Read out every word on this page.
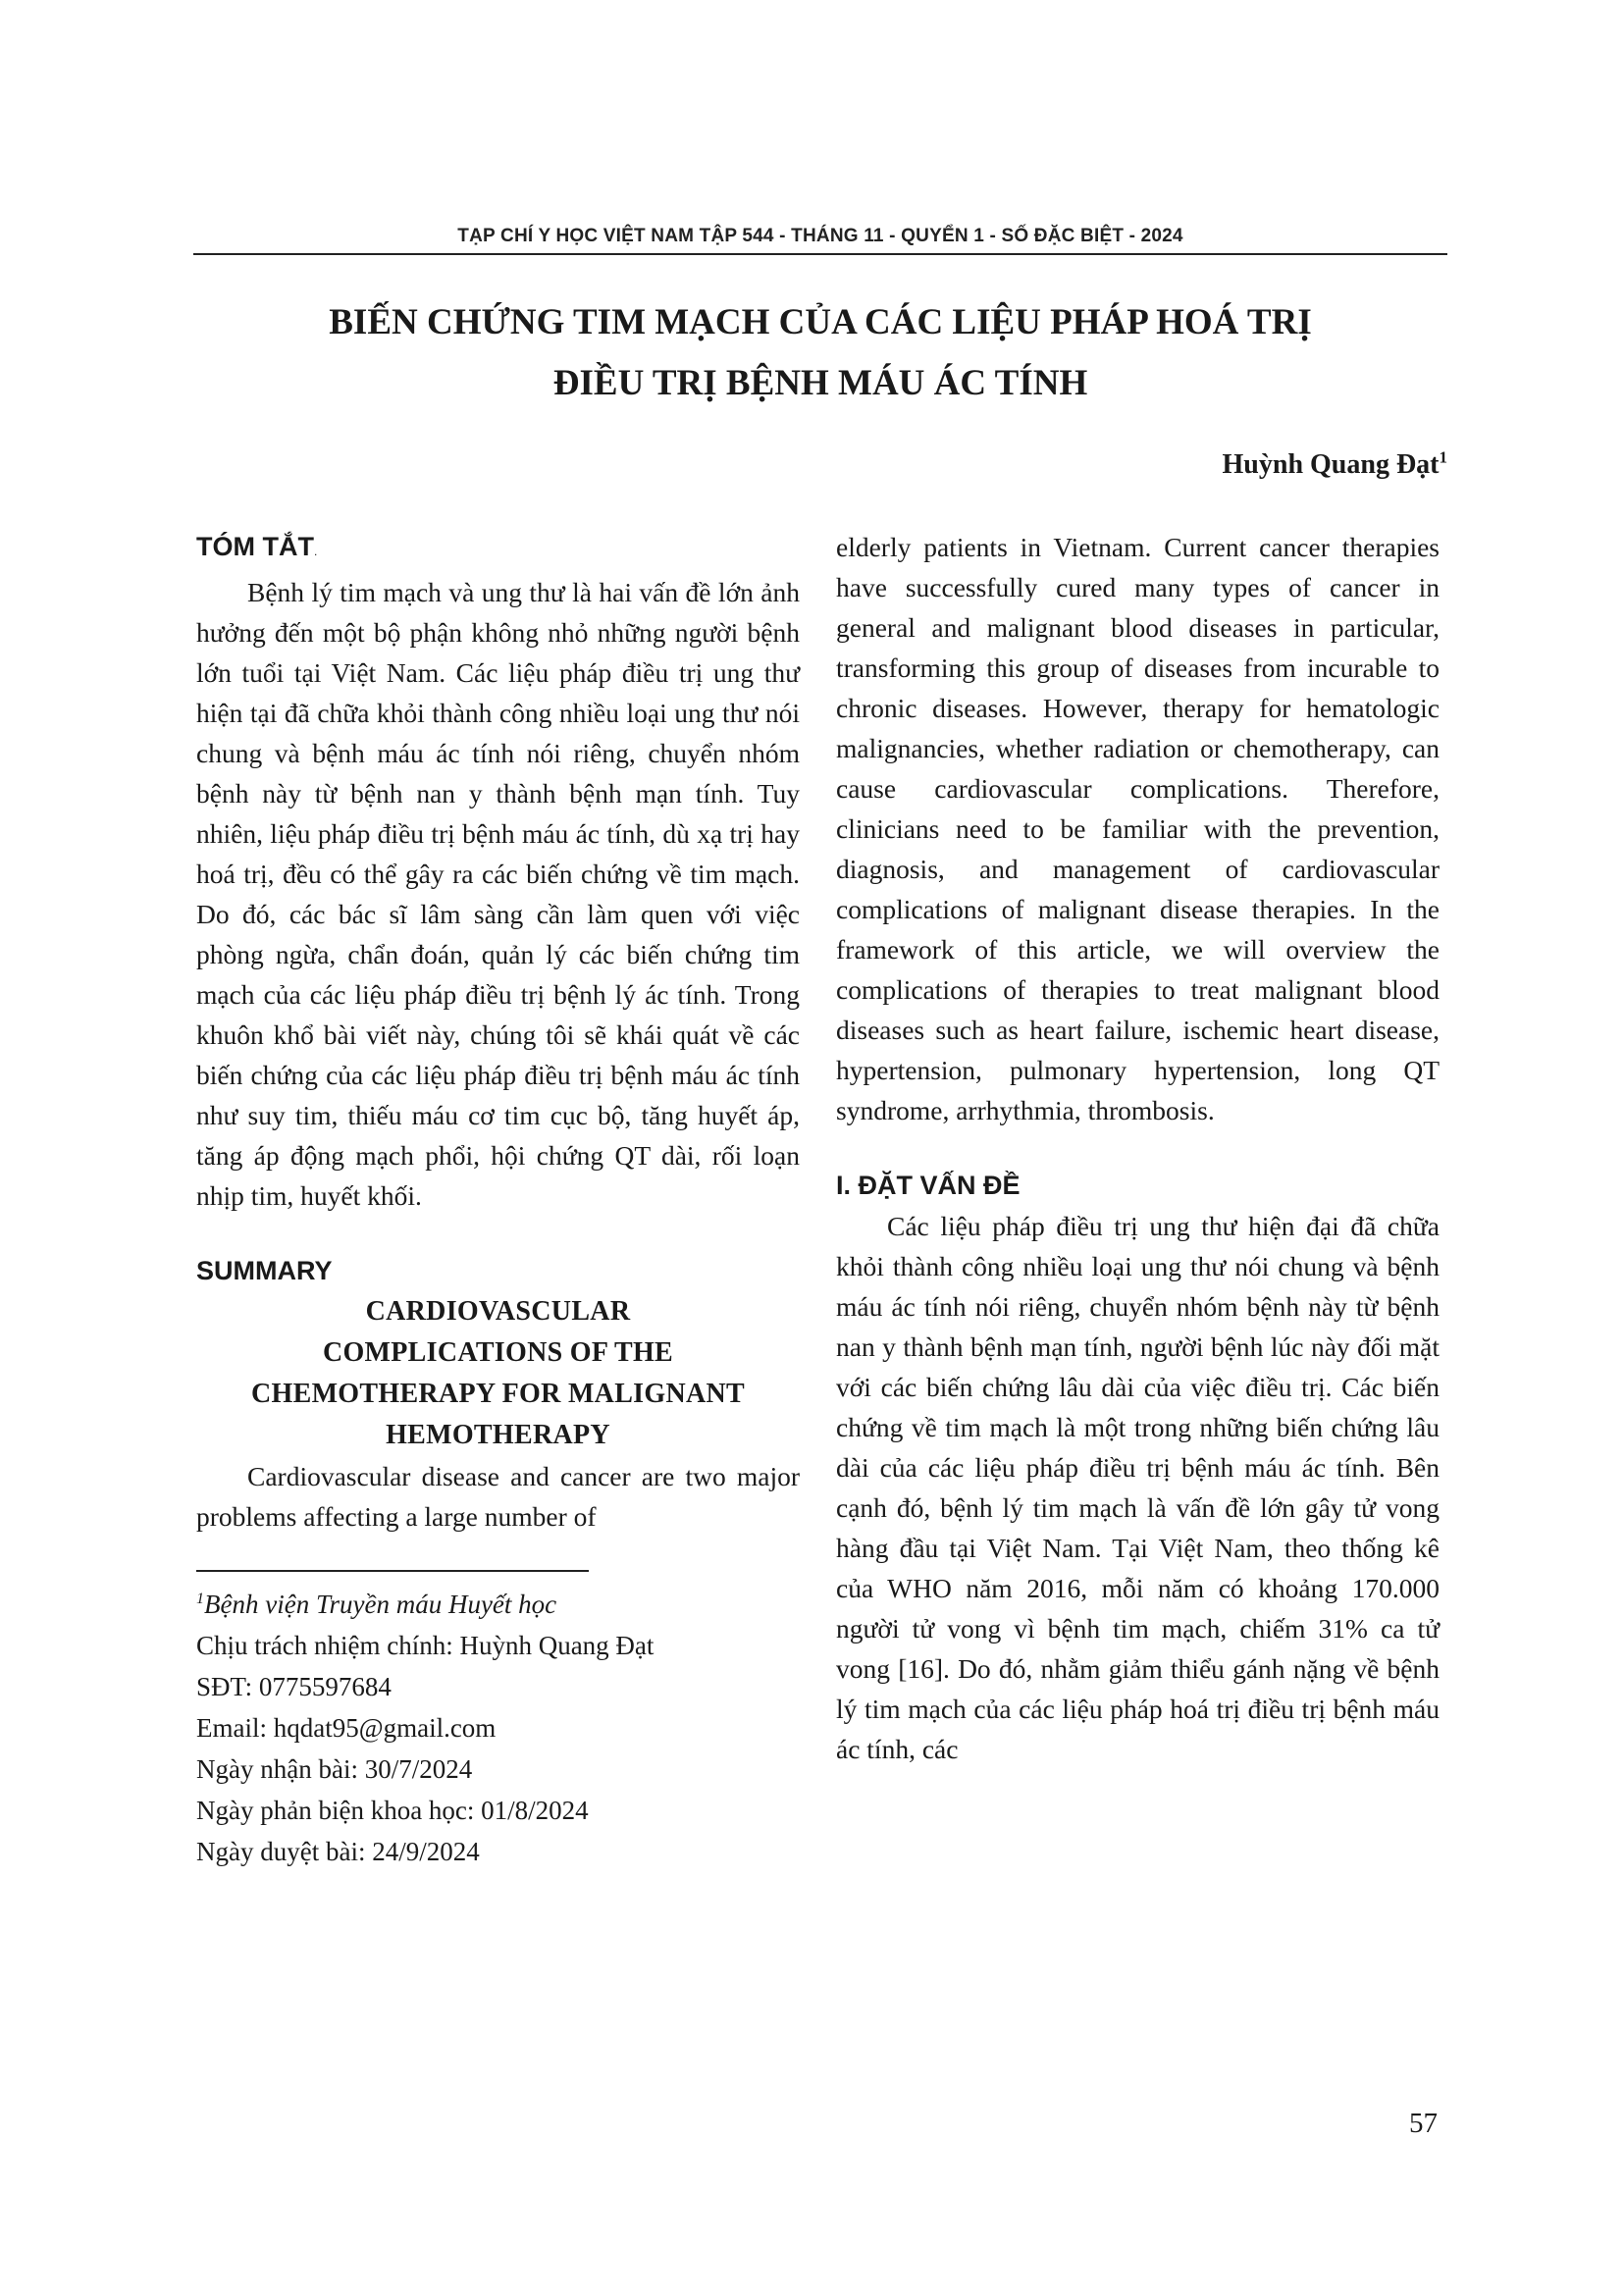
TẠP CHÍ Y HỌC VIỆT NAM TẬP 544 - THÁNG 11 - QUYỂN 1 - SỐ ĐẶC BIỆT - 2024
BIẾN CHỨNG TIM MẠCH CỦA CÁC LIỆU PHÁP HOÁ TRỊ
ĐIỀU TRỊ BỆNH MÁU ÁC TÍNH
Huỳnh Quang Đạt$^1$
TÓM TẮT.

Bệnh lý tim mạch và ung thư là hai vấn đề lớn ảnh hưởng đến một bộ phận không nhỏ những người bệnh lớn tuổi tại Việt Nam. Các liệu pháp điều trị ung thư hiện tại đã chữa khỏi thành công nhiều loại ung thư nói chung và bệnh máu ác tính nói riêng, chuyển nhóm bệnh này từ bệnh nan y thành bệnh mạn tính. Tuy nhiên, liệu pháp điều trị bệnh máu ác tính, dù xạ trị hay hoá trị, đều có thể gây ra các biến chứng về tim mạch. Do đó, các bác sĩ lâm sàng cần làm quen với việc phòng ngừa, chẩn đoán, quản lý các biến chứng tim mạch của các liệu pháp điều trị bệnh lý ác tính. Trong khuôn khổ bài viết này, chúng tôi sẽ khái quát về các biến chứng của các liệu pháp điều trị bệnh máu ác tính như suy tim, thiếu máu cơ tim cục bộ, tăng huyết áp, tăng áp động mạch phổi, hội chứng QT dài, rối loạn nhịp tim, huyết khối.

SUMMARY
CARDIOVASCULAR
COMPLICATIONS OF THE
CHEMOTHERAPY FOR MALIGNANT
HEMOTHERAPY

Cardiovascular disease and cancer are two major problems affecting a large number of

$^1$Bệnh viện Truyền máu Huyết học
Chịu trách nhiệm chính: Huỳnh Quang Đạt
SĐT: 0775597684
Email: hqdat95@gmail.com
Ngày nhận bài: 30/7/2024
Ngày phản biện khoa học: 01/8/2024
Ngày duyệt bài: 24/9/2024

elderly patients in Vietnam. Current cancer therapies have successfully cured many types of cancer in general and malignant blood diseases in particular, transforming this group of diseases from incurable to chronic diseases. However, therapy for hematologic malignancies, whether radiation or chemotherapy, can cause cardiovascular complications. Therefore, clinicians need to be familiar with the prevention, diagnosis, and management of cardiovascular complications of malignant disease therapies. In the framework of this article, we will overview the complications of therapies to treat malignant blood diseases such as heart failure, ischemic heart disease, hypertension, pulmonary hypertension, long QT syndrome, arrhythmia, thrombosis.

I. ĐẶT VẤN ĐỀ

Các liệu pháp điều trị ung thư hiện đại đã chữa khỏi thành công nhiều loại ung thư nói chung và bệnh máu ác tính nói riêng, chuyển nhóm bệnh này từ bệnh nan y thành bệnh mạn tính, người bệnh lúc này đối mặt với các biến chứng lâu dài của việc điều trị. Các biến chứng về tim mạch là một trong những biến chứng lâu dài của các liệu pháp điều trị bệnh máu ác tính. Bên cạnh đó, bệnh lý tim mạch là vấn đề lớn gây tử vong hàng đầu tại Việt Nam. Tại Việt Nam, theo thống kê của WHO năm 2016, mỗi năm có khoảng 170.000 người tử vong vì bệnh tim mạch, chiếm 31% ca tử vong [16]. Do đó, nhằm giảm thiểu gánh nặng về bệnh lý tim mạch của các liệu pháp hoá trị điều trị bệnh máu ác tính, các

57
